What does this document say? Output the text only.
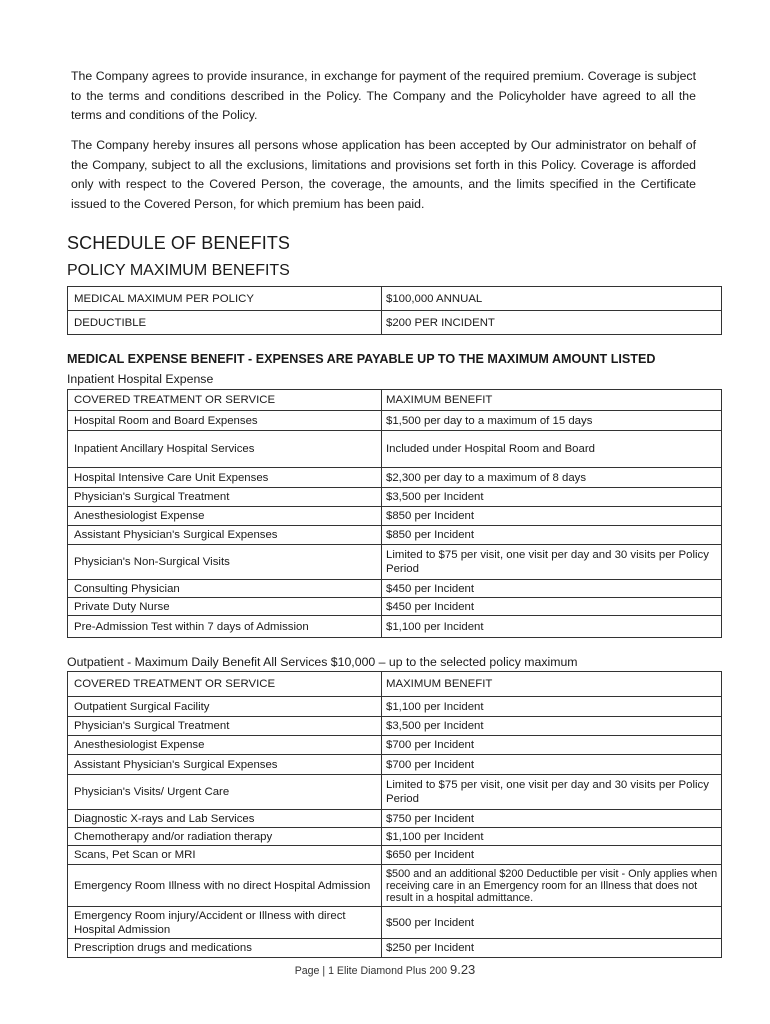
The Company agrees to provide insurance, in exchange for payment of the required premium. Coverage is subject to the terms and conditions described in the Policy. The Company and the Policyholder have agreed to all the terms and conditions of the Policy.

The Company hereby insures all persons whose application has been accepted by Our administrator on behalf of the Company, subject to all the exclusions, limitations and provisions set forth in this Policy. Coverage is afforded only with respect to the Covered Person, the coverage, the amounts, and the limits specified in the Certificate issued to the Covered Person, for which premium has been paid.

SCHEDULE OF BENEFITS
POLICY MAXIMUM BENEFITS
MEDICAL MAXIMUM PER POLICY	$100,000 ANNUAL
DEDUCTIBLE	$200 PER INCIDENT
MEDICAL EXPENSE BENEFIT - EXPENSES ARE PAYABLE UP TO THE MAXIMUM AMOUNT LISTED

Inpatient Hospital Expense

COVERED TREATMENT OR SERVICE	MAXIMUM BENEFIT
Hospital Room and Board Expenses	$1,500 per day to a maximum of 15 days
Inpatient Ancillary Hospital Services	Included under Hospital Room and Board
Hospital Intensive Care Unit Expenses	$2,300 per day to a maximum of 8 days
Physician's Surgical Treatment	$3,500 per Incident
Anesthesiologist Expense	$850 per Incident
Assistant Physician's Surgical Expenses	$850 per Incident
Physician's Non-Surgical Visits	Limited to $75 per visit, one visit per day and 30 visits per Policy Period
Consulting Physician	$450 per Incident
Private Duty Nurse	$450 per Incident
Pre-Admission Test within 7 days of Admission	$1,100 per Incident

Outpatient - Maximum Daily Benefit All Services $10,000 – up to the selected policy maximum

COVERED TREATMENT OR SERVICE	MAXIMUM BENEFIT
Outpatient Surgical Facility	$1,100 per Incident
Physician's Surgical Treatment	$3,500 per Incident
Anesthesiologist Expense	$700 per Incident
Assistant Physician's Surgical Expenses	$700 per Incident
Physician's Visits/ Urgent Care	Limited to $75 per visit, one visit per day and 30 visits per Policy Period
Diagnostic X-rays and Lab Services	$750 per Incident
Chemotherapy and/or radiation therapy	$1,100 per Incident
Scans, Pet Scan or MRI	$650 per Incident
Emergency Room Illness with no direct Hospital Admission	$500 and an additional $200 Deductible per visit - Only applies when receiving care in an Emergency room for an Illness that does not result in a hospital admittance.
Emergency Room injury/Accident or Illness with direct Hospital Admission	$500 per Incident
Prescription drugs and medications	$250 per Incident
Page | 1 Elite Diamond Plus 200 9.23
